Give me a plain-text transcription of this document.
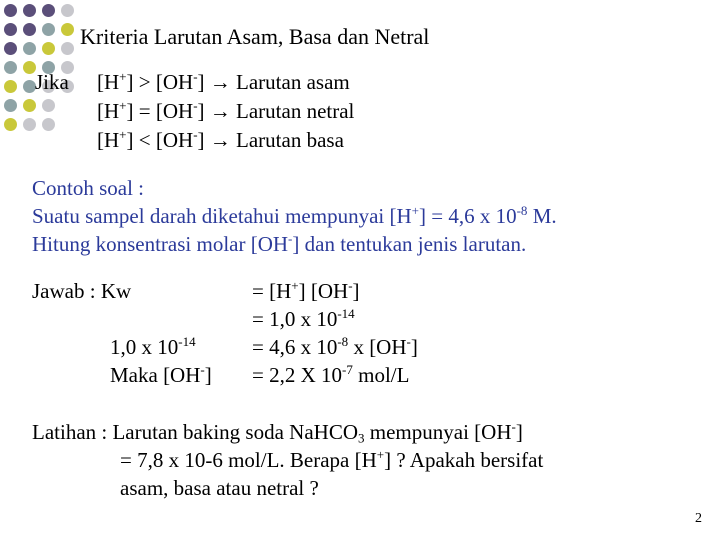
Kriteria Larutan Asam, Basa dan Netral
Jika [H+] > [OH-] → Larutan asam
[H+] = [OH-] → Larutan netral
[H+] < [OH-] → Larutan basa
Contoh soal :
Suatu sampel darah diketahui mempunyai [H+] = 4,6 x $10^{-8}$ M.
Hitung konsentrasi molar [OH-] dan tentukan jenis larutan.
Jawab : Kw	= [H+] [OH-]
= 1,0 x $10^{-14}$
1,0 x $10^{-14}$	= 4,6 x $10^{-8}$ x [OH-]
Maka [OH-] = 2,2 X $10^{-7}$ mol/L
Latihan : Larutan baking soda NaHCO$_3$ mempunyai [OH-]
= 7,8 x 10-6 mol/L. Berapa [H+] ? Apakah bersifat
asam, basa atau netral ?
2
